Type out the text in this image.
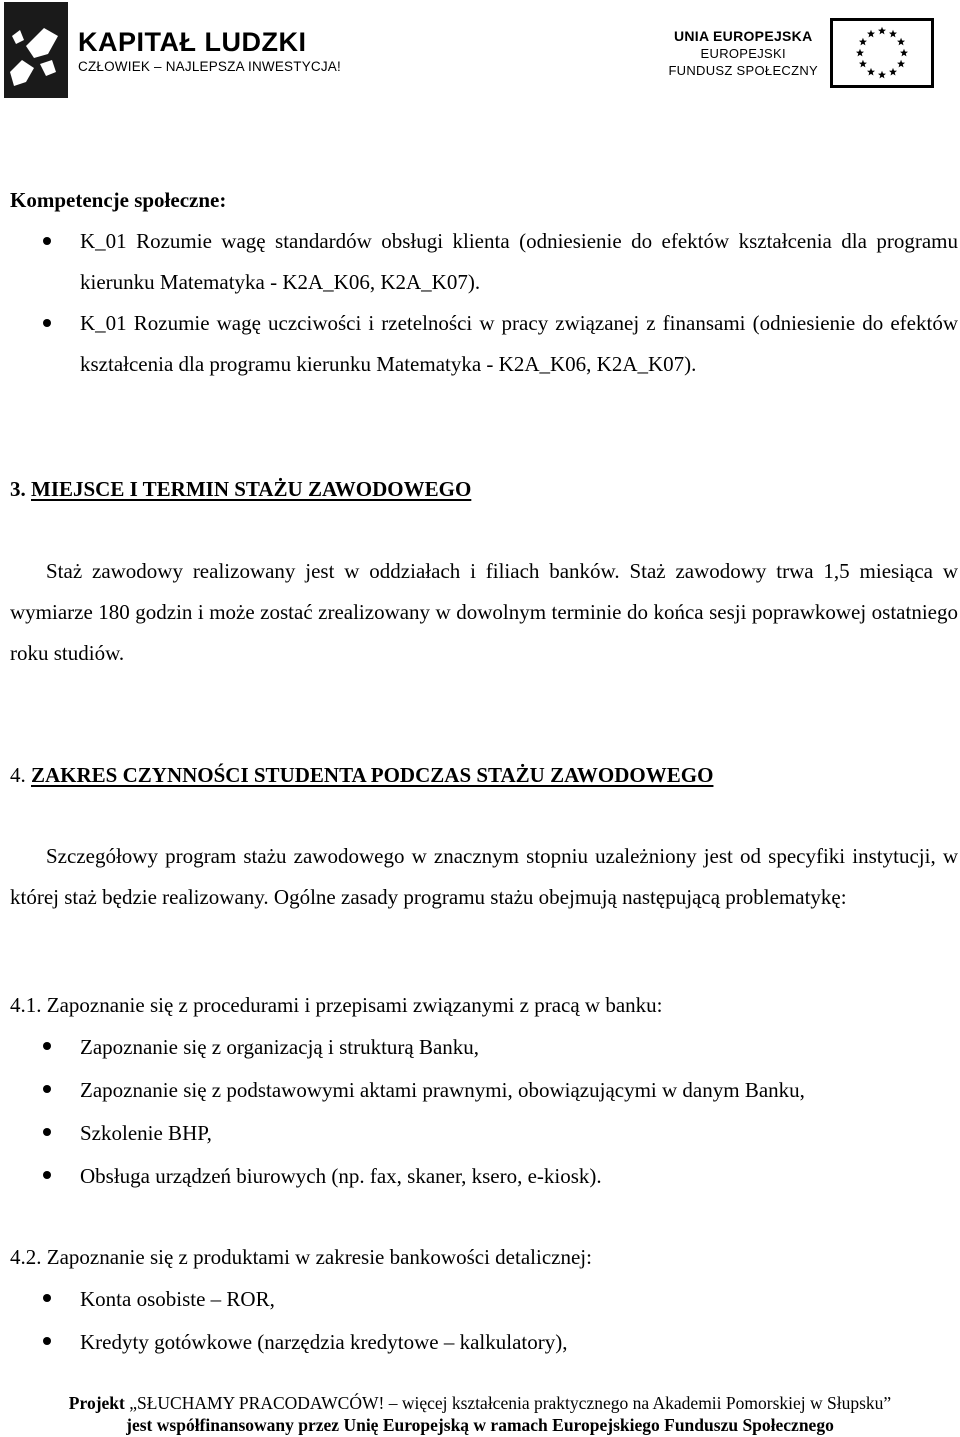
KAPITAŁ LUDZKI
CZŁOWIEK – NAJLEPSZA INWESTYCJA!
UNIA EUROPEJSKA
EUROPEJSKI
FUNDUSZ SPOŁECZNY
Kompetencje społeczne:
K_01 Rozumie wagę standardów obsługi klienta (odniesienie do efektów kształcenia dla programu kierunku Matematyka - K2A_K06, K2A_K07).
K_01 Rozumie wagę uczciwości i rzetelności w pracy związanej z finansami (odniesienie do efektów kształcenia dla programu kierunku Matematyka - K2A_K06, K2A_K07).
3. MIEJSCE I TERMIN STAŻU ZAWODOWEGO

Staż zawodowy realizowany jest w oddziałach i filiach banków. Staż zawodowy trwa 1,5 miesiąca w wymiarze 180 godzin i może zostać zrealizowany w dowolnym terminie do końca sesji poprawkowej ostatniego roku studiów.

4. ZAKRES CZYNNOŚCI STUDENTA PODCZAS STAŻU ZAWODOWEGO

Szczegółowy program stażu zawodowego w znacznym stopniu uzależniony jest od specyfiki instytucji, w której staż będzie realizowany. Ogólne zasady programu stażu obejmują następującą problematykę:

4.1. Zapoznanie się z procedurami i przepisami związanymi z pracą w banku:

Zapoznanie się z organizacją i strukturą Banku,
Zapoznanie się z podstawowymi aktami prawnymi, obowiązującymi w danym Banku,
Szkolenie BHP,
Obsługa urządzeń biurowych (np. fax, skaner, ksero, e-kiosk).

4.2. Zapoznanie się z produktami w zakresie bankowości detalicznej:

Konta osobiste – ROR,
Kredyty gotówkowe (narzędzia kredytowe – kalkulatory),
Projekt „SŁUCHAMY PRACODAWCÓW! – więcej kształcenia praktycznego na Akademii Pomorskiej w Słupsku”
jest współfinansowany przez Unię Europejską w ramach Europejskiego Funduszu Społecznego
